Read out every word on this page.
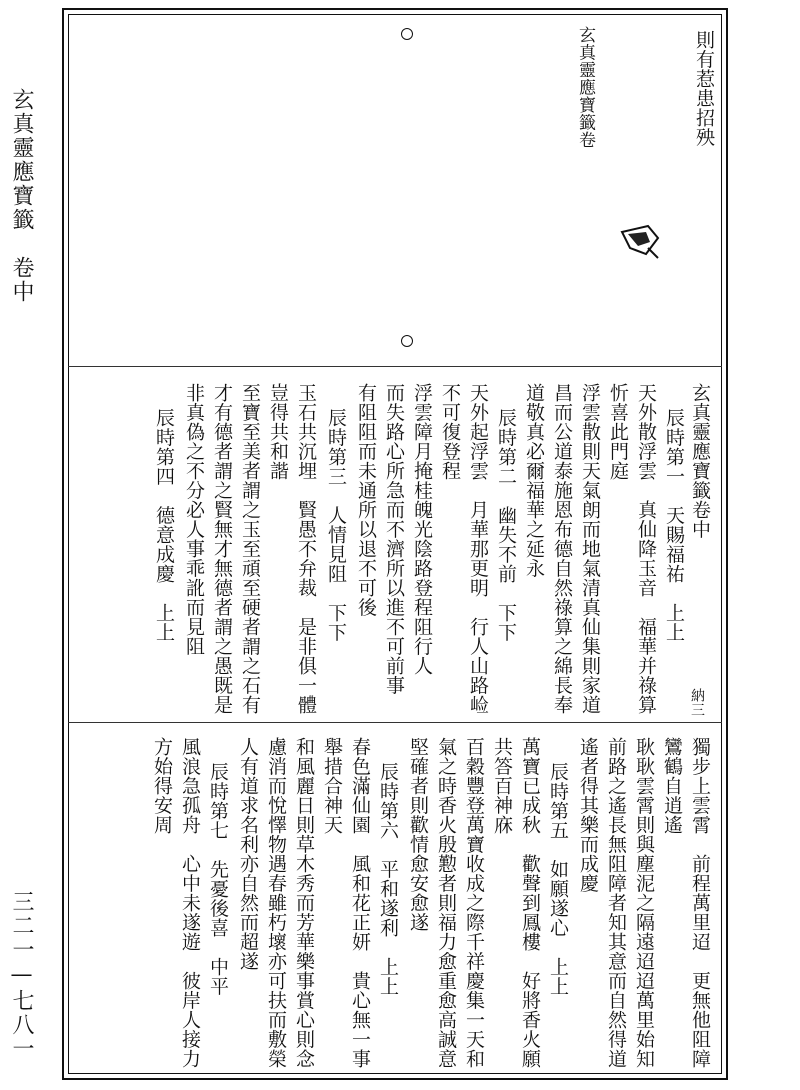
玄真靈應寶籤　卷中
三二一—七八一
則有惹患招殃
玄真靈應寶籤卷
納三
玄真靈應寶籤卷中
辰時第一　天賜福祐　上上
天外散浮雲　真仙降玉音　福華并祿算
忻喜此門庭
浮雲散則天氣朗而地氣清真仙集則家道
昌而公道泰施恩布德自然祿算之綿長奉
道敬真必爾福華之延永
辰時第二　幽失不前　下下
天外起浮雲　月華那更明　行人山路崄
不可復登程
浮雲障月掩桂魄光陰路登程阻行人
而失路心所急而不濟所以進不可前事
有阻阻而未通所以退不可後
辰時第三　人情見阻　下下
玉石共沉埋　賢愚不弁裁　是非俱一體
豈得共和諧
至寶至美者謂之玉至頑至硬者謂之石有
才有德者謂之賢無才無德者謂之愚既是
非真偽之不分必人事乖訛而見阻
辰時第四　德意成慶　上上
獨步上雲霄　前程萬里迢　更無他阻障
鸞鶴自逍遙
耿耿雲霄則與塵泥之隔遠迢迢萬里始知
前路之遙長無阻障者知其意而自然得道
遙者得其樂而成慶
辰時第五　如願遂心　上上
萬寶已成秋　歡聲到鳳樓　好將香火願
共答百神庥
百穀豐登萬寶收成之際千祥慶集一天和
氣之時香火殷懃者則福力愈重愈高誠意
堅確者則歡情愈安愈遂
辰時第六　平和遂利　上上
春色滿仙園　風和花正妍　貴心無一事
舉措合神天
和風麗日則草木秀而芳華樂事賞心則念
慮消而悅懌物遇春雖朽壞亦可扶而敷榮
人有道求名利亦自然而超遂
辰時第七　先憂後喜　中平
風浪急孤舟　心中未遂遊　彼岸人接力
方始得安周
